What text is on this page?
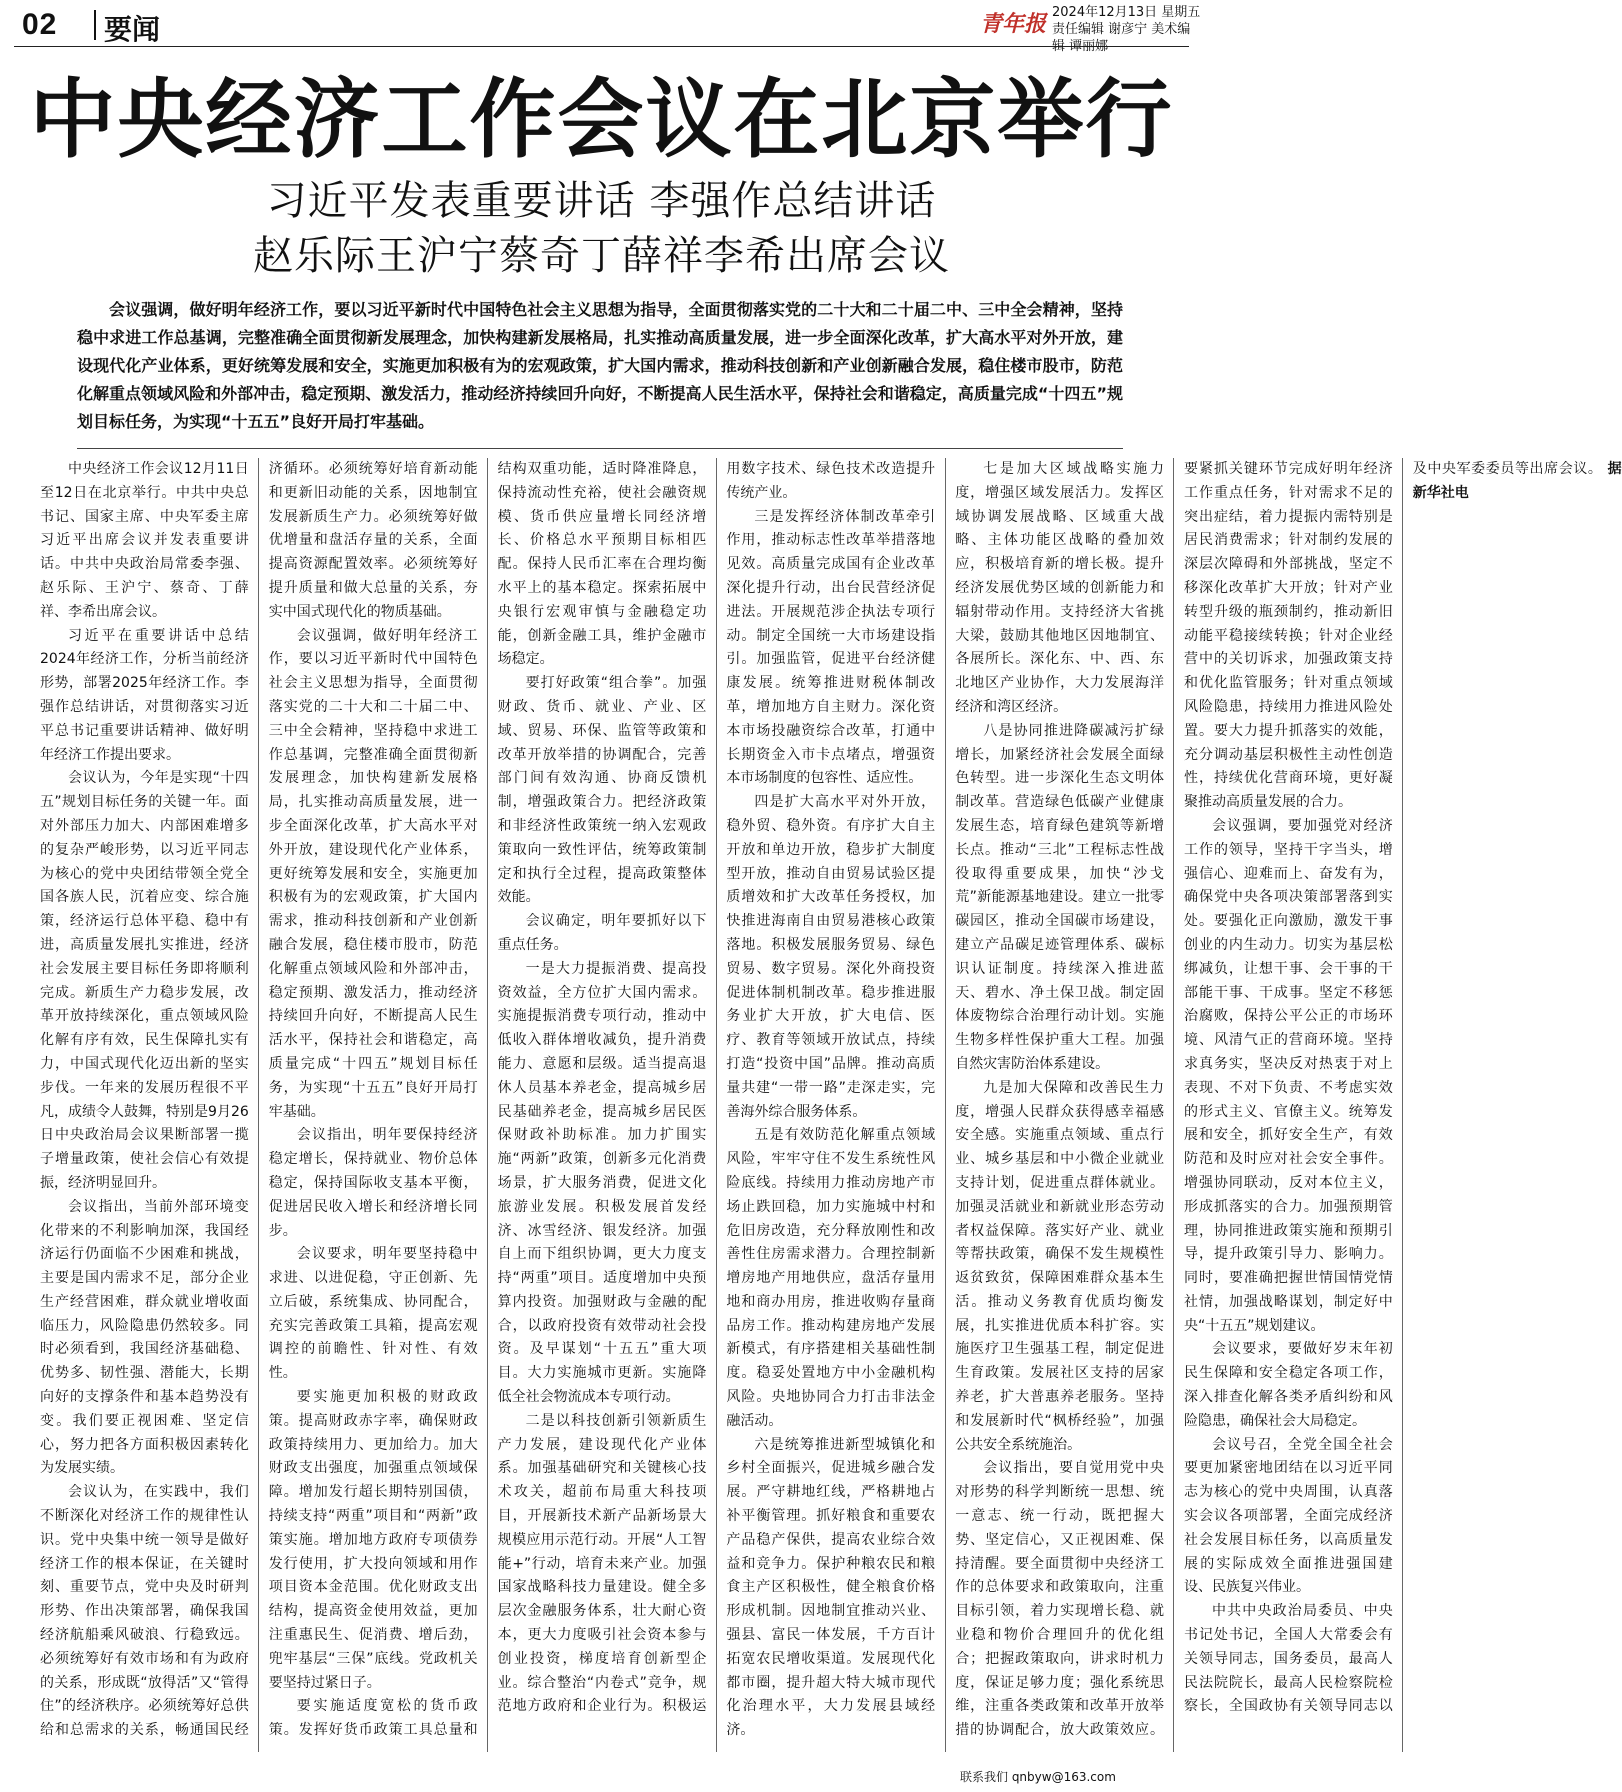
02 要闻	青年报 2024年12月13日 星期五
责任编辑 谢彦宁 美术编辑 谭丽娜
中央经济工作会议在北京举行
习近平发表重要讲话 李强作总结讲话
赵乐际王沪宁蔡奇丁薛祥李希出席会议
会议强调，做好明年经济工作，要以习近平新时代中国特色社会主义思想为指导，全面贯彻落实党的二十大和二十届二中、三中全会精神，坚持稳中求进工作总基调，完整准确全面贯彻新发展理念，加快构建新发展格局，扎实推动高质量发展，进一步全面深化改革，扩大高水平对外开放，建设现代化产业体系，更好统筹发展和安全，实施更加积极有为的宏观政策，扩大国内需求，推动科技创新和产业创新融合发展，稳住楼市股市，防范化解重点领域风险和外部冲击，稳定预期、激发活力，推动经济持续回升向好，不断提高人民生活水平，保持社会和谐稳定，高质量完成“十四五”规划目标任务，为实现“十五五”良好开局打牢基础。

中央经济工作会议12月11日至12日在北京举行。中共中央总书记、国家主席、中央军委主席习近平出席会议并发表重要讲话。中共中央政治局常委李强、赵乐际、王沪宁、蔡奇、丁薛祥、李希出席会议。

习近平在重要讲话中总结2024年经济工作，分析当前经济形势，部署2025年经济工作。李强作总结讲话，对贯彻落实习近平总书记重要讲话精神、做好明年经济工作提出要求。

会议认为，今年是实现“十四五”规划目标任务的关键一年。面对外部压力加大、内部困难增多的复杂严峻形势，以习近平同志为核心的党中央团结带领全党全国各族人民，沉着应变、综合施策，经济运行总体平稳、稳中有进，高质量发展扎实推进，经济社会发展主要目标任务即将顺利完成。新质生产力稳步发展，改革开放持续深化，重点领域风险化解有序有效，民生保障扎实有力，中国式现代化迈出新的坚实步伐。一年来的发展历程很不平凡，成绩令人鼓舞，特别是9月26日中央政治局会议果断部署一揽子增量政策，使社会信心有效提振，经济明显回升。

会议指出，当前外部环境变化带来的不利影响加深，我国经济运行仍面临不少困难和挑战，主要是国内需求不足，部分企业生产经营困难，群众就业增收面临压力，风险隐患仍然较多。同时必须看到，我国经济基础稳、优势多、韧性强、潜能大，长期向好的支撑条件和基本趋势没有变。我们要正视困难、坚定信心，努力把各方面积极因素转化为发展实绩。

会议认为，在实践中，我们不断深化对经济工作的规律性认识。党中央集中统一领导是做好经济工作的根本保证，在关键时刻、重要节点，党中央及时研判形势、作出决策部署，确保我国经济航船乘风破浪、行稳致远。必须统筹好有效市场和有为政府的关系，形成既“放得活”又“管得住”的经济秩序。必须统筹好总供给和总需求的关系，畅通国民经济循环。必须统筹好培育新动能和更新旧动能的关系，因地制宜发展新质生产力。必须统筹好做优增量和盘活存量的关系，全面提高资源配置效率。必须统筹好提升质量和做大总量的关系，夯实中国式现代化的物质基础。

会议强调，做好明年经济工作，要以习近平新时代中国特色社会主义思想为指导，全面贯彻落实党的二十大和二十届二中、三中全会精神，坚持稳中求进工作总基调，完整准确全面贯彻新发展理念，加快构建新发展格局，扎实推动高质量发展，进一步全面深化改革，扩大高水平对外开放，建设现代化产业体系，更好统筹发展和安全，实施更加积极有为的宏观政策，扩大国内需求，推动科技创新和产业创新融合发展，稳住楼市股市，防范化解重点领域风险和外部冲击，稳定预期、激发活力，推动经济持续回升向好，不断提高人民生活水平，保持社会和谐稳定，高质量完成“十四五”规划目标任务，为实现“十五五”良好开局打牢基础。

会议指出，明年要保持经济稳定增长，保持就业、物价总体稳定，保持国际收支基本平衡，促进居民收入增长和经济增长同步。

会议要求，明年要坚持稳中求进、以进促稳，守正创新、先立后破，系统集成、协同配合，充实完善政策工具箱，提高宏观调控的前瞻性、针对性、有效性。

要实施更加积极的财政政策。提高财政赤字率，确保财政政策持续用力、更加给力。加大财政支出强度，加强重点领域保障。增加发行超长期特别国债，持续支持“两重”项目和“两新”政策实施。增加地方政府专项债券发行使用，扩大投向领域和用作项目资本金范围。优化财政支出结构，提高资金使用效益，更加注重惠民生、促消费、增后劲，兜牢基层“三保”底线。党政机关要坚持过紧日子。

要实施适度宽松的货币政策。发挥好货币政策工具总量和结构双重功能，适时降准降息，保持流动性充裕，使社会融资规模、货币供应量增长同经济增长、价格总水平预期目标相匹配。保持人民币汇率在合理均衡水平上的基本稳定。探索拓展中央银行宏观审慎与金融稳定功能，创新金融工具，维护金融市场稳定。

要打好政策“组合拳”。加强财政、货币、就业、产业、区域、贸易、环保、监管等政策和改革开放举措的协调配合，完善部门间有效沟通、协商反馈机制，增强政策合力。把经济政策和非经济性政策统一纳入宏观政策取向一致性评估，统筹政策制定和执行全过程，提高政策整体效能。

会议确定，明年要抓好以下重点任务。

一是大力提振消费、提高投资效益，全方位扩大国内需求。实施提振消费专项行动，推动中低收入群体增收减负，提升消费能力、意愿和层级。适当提高退休人员基本养老金，提高城乡居民基础养老金，提高城乡居民医保财政补助标准。加力扩围实施“两新”政策，创新多元化消费场景，扩大服务消费，促进文化旅游业发展。积极发展首发经济、冰雪经济、银发经济。加强自上而下组织协调，更大力度支持“两重”项目。适度增加中央预算内投资。加强财政与金融的配合，以政府投资有效带动社会投资。及早谋划“十五五”重大项目。大力实施城市更新。实施降低全社会物流成本专项行动。

二是以科技创新引领新质生产力发展，建设现代化产业体系。加强基础研究和关键核心技术攻关，超前布局重大科技项目，开展新技术新产品新场景大规模应用示范行动。开展“人工智能+”行动，培育未来产业。加强国家战略科技力量建设。健全多层次金融服务体系，壮大耐心资本，更大力度吸引社会资本参与创业投资，梯度培育创新型企业。综合整治“内卷式”竞争，规范地方政府和企业行为。积极运用数字技术、绿色技术改造提升传统产业。

三是发挥经济体制改革牵引作用，推动标志性改革举措落地见效。高质量完成国有企业改革深化提升行动，出台民营经济促进法。开展规范涉企执法专项行动。制定全国统一大市场建设指引。加强监管，促进平台经济健康发展。统筹推进财税体制改革，增加地方自主财力。深化资本市场投融资综合改革，打通中长期资金入市卡点堵点，增强资本市场制度的包容性、适应性。

四是扩大高水平对外开放，稳外贸、稳外资。有序扩大自主开放和单边开放，稳步扩大制度型开放，推动自由贸易试验区提质增效和扩大改革任务授权，加快推进海南自由贸易港核心政策落地。积极发展服务贸易、绿色贸易、数字贸易。深化外商投资促进体制机制改革。稳步推进服务业扩大开放，扩大电信、医疗、教育等领域开放试点，持续打造“投资中国”品牌。推动高质量共建“一带一路”走深走实，完善海外综合服务体系。

五是有效防范化解重点领域风险，牢牢守住不发生系统性风险底线。持续用力推动房地产市场止跌回稳，加力实施城中村和危旧房改造，充分释放刚性和改善性住房需求潜力。合理控制新增房地产用地供应，盘活存量用地和商办用房，推进收购存量商品房工作。推动构建房地产发展新模式，有序搭建相关基础性制度。稳妥处置地方中小金融机构风险。央地协同合力打击非法金融活动。

六是统筹推进新型城镇化和乡村全面振兴，促进城乡融合发展。严守耕地红线，严格耕地占补平衡管理。抓好粮食和重要农产品稳产保供，提高农业综合效益和竞争力。保护种粮农民和粮食主产区积极性，健全粮食价格形成机制。因地制宜推动兴业、强县、富民一体发展，千方百计拓宽农民增收渠道。发展现代化都市圈，提升超大特大城市现代化治理水平，大力发展县域经济。

七是加大区域战略实施力度，增强区域发展活力。发挥区域协调发展战略、区域重大战略、主体功能区战略的叠加效应，积极培育新的增长极。提升经济发展优势区域的创新能力和辐射带动作用。支持经济大省挑大梁，鼓励其他地区因地制宜、各展所长。深化东、中、西、东北地区产业协作，大力发展海洋经济和湾区经济。

八是协同推进降碳减污扩绿增长，加紧经济社会发展全面绿色转型。进一步深化生态文明体制改革。营造绿色低碳产业健康发展生态，培育绿色建筑等新增长点。推动“三北”工程标志性战役取得重要成果，加快“沙戈荒”新能源基地建设。建立一批零碳园区，推动全国碳市场建设，建立产品碳足迹管理体系、碳标识认证制度。持续深入推进蓝天、碧水、净土保卫战。制定固体废物综合治理行动计划。实施生物多样性保护重大工程。加强自然灾害防治体系建设。

九是加大保障和改善民生力度，增强人民群众获得感幸福感安全感。实施重点领域、重点行业、城乡基层和中小微企业就业支持计划，促进重点群体就业。加强灵活就业和新就业形态劳动者权益保障。落实好产业、就业等帮扶政策，确保不发生规模性返贫致贫，保障困难群众基本生活。推动义务教育优质均衡发展，扎实推进优质本科扩容。实施医疗卫生强基工程，制定促进生育政策。发展社区支持的居家养老，扩大普惠养老服务。坚持和发展新时代“枫桥经验”，加强公共安全系统施治。

会议指出，要自觉用党中央对形势的科学判断统一思想、统一意志、统一行动，既把握大势、坚定信心，又正视困难、保持清醒。要全面贯彻中央经济工作的总体要求和政策取向，注重目标引领，着力实现增长稳、就业稳和物价合理回升的优化组合；把握政策取向，讲求时机力度，保证足够力度；强化系统思维，注重各类政策和改革开放举措的协调配合，放大政策效应。要紧抓关键环节完成好明年经济工作重点任务，针对需求不足的突出症结，着力提振内需特别是居民消费需求；针对制约发展的深层次障碍和外部挑战，坚定不移深化改革扩大开放；针对产业转型升级的瓶颈制约，推动新旧动能平稳接续转换；针对企业经营中的关切诉求，加强政策支持和优化监管服务；针对重点领域风险隐患，持续用力推进风险处置。要大力提升抓落实的效能，充分调动基层积极性主动性创造性，持续优化营商环境，更好凝聚推动高质量发展的合力。

会议强调，要加强党对经济工作的领导，坚持干字当头，增强信心、迎难而上、奋发有为，确保党中央各项决策部署落到实处。要强化正向激励，激发干事创业的内生动力。切实为基层松绑减负，让想干事、会干事的干部能干事、干成事。坚定不移惩治腐败，保持公平公正的市场环境、风清气正的营商环境。坚持求真务实，坚决反对热衷于对上表现、不对下负责、不考虑实效的形式主义、官僚主义。统筹发展和安全，抓好安全生产，有效防范和及时应对社会安全事件。增强协同联动，反对本位主义，形成抓落实的合力。加强预期管理，协同推进政策实施和预期引导，提升政策引导力、影响力。同时，要准确把握世情国情党情社情，加强战略谋划，制定好中央“十五五”规划建议。

会议要求，要做好岁末年初民生保障和安全稳定各项工作，深入排查化解各类矛盾纠纷和风险隐患，确保社会大局稳定。

会议号召，全党全国全社会要更加紧密地团结在以习近平同志为核心的党中央周围，认真落实会议各项部署，全面完成经济社会发展目标任务，以高质量发展的实际成效全面推进强国建设、民族复兴伟业。

中共中央政治局委员、中央书记处书记，全国人大常委会有关领导同志，国务委员，最高人民法院院长，最高人民检察院检察长，全国政协有关领导同志以及中央军委委员等出席会议。 据新华社电

联系我们 qnbyw@163.com
